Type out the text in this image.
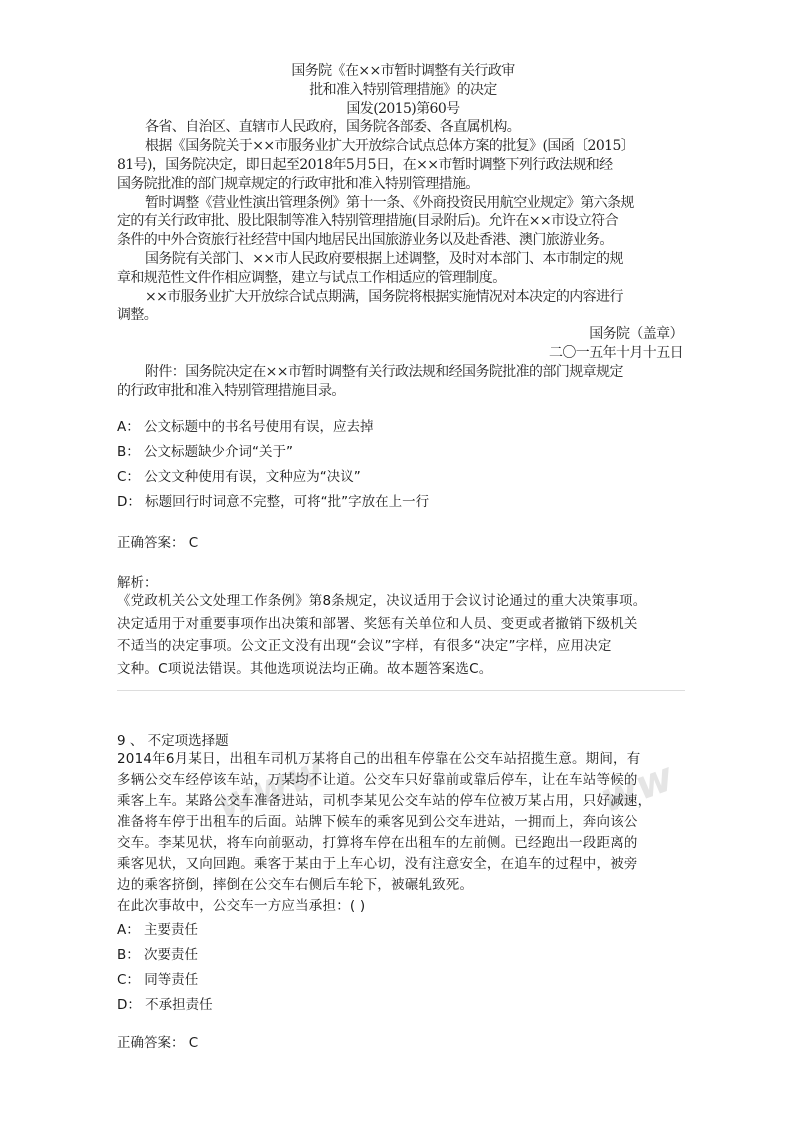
国务院《在××市暂时调整有关行政审
批和准入特别管理措施》的决定
国发(2015)第60号
各省、自治区、直辖市人民政府，国务院各部委、各直属机构。
根据《国务院关于××市服务业扩大开放综合试点总体方案的批复》(国函〔2015〕
81号)，国务院决定，即日起至2018年5月5日，在××市暂时调整下列行政法规和经
国务院批准的部门规章规定的行政审批和准入特别管理措施。
暂时调整《营业性演出管理条例》第十一条、《外商投资民用航空业规定》第六条规
定的有关行政审批、股比限制等准入特别管理措施(目录附后)。允许在××市设立符合
条件的中外合资旅行社经营中国内地居民出国旅游业务以及赴香港、澳门旅游业务。
国务院有关部门、××市人民政府要根据上述调整，及时对本部门、本市制定的规
章和规范性文件作相应调整，建立与试点工作相适应的管理制度。
××市服务业扩大开放综合试点期满，国务院将根据实施情况对本决定的内容进行
调整。
国务院（盖章）
二〇一五年十月十五日
附件：国务院决定在××市暂时调整有关行政法规和经国务院批准的部门规章规定
的行政审批和准入特别管理措施目录。
A： 公文标题中的书名号使用有误，应去掉
B： 公文标题缺少介词“关于”
C： 公文文种使用有误，文种应为“决议”
D： 标题回行时词意不完整，可将“批”字放在上一行
正确答案： C
解析：
《党政机关公文处理工作条例》第8条规定，决议适用于会议讨论通过的重大决策事项。
决定适用于对重要事项作出决策和部署、奖惩有关单位和人员、变更或者撤销下级机关
不适当的决定事项。公文正文没有出现“会议”字样，有很多“决定”字样，应用决定
文种。C项说法错误。其他选项说法均正确。故本题答案选C。
www	ww
9 、 不定项选择题
2014年6月某日，出租车司机万某将自己的出租车停靠在公交车站招揽生意。期间，有
多辆公交车经停该车站，万某均不让道。公交车只好靠前或靠后停车，让在车站等候的
乘客上车。某路公交车准备进站，司机李某见公交车站的停车位被万某占用，只好减速，
准备将车停于出租车的后面。站牌下候车的乘客见到公交车进站，一拥而上，奔向该公
交车。李某见状，将车向前驱动，打算将车停在出租车的左前侧。已经跑出一段距离的
乘客见状，又向回跑。乘客于某由于上车心切，没有注意安全，在追车的过程中，被旁
边的乘客挤倒，摔倒在公交车右侧后车轮下，被碾轧致死。
在此次事故中，公交车一方应当承担：( )
A： 主要责任
B： 次要责任
C： 同等责任
D： 不承担责任
正确答案： C
